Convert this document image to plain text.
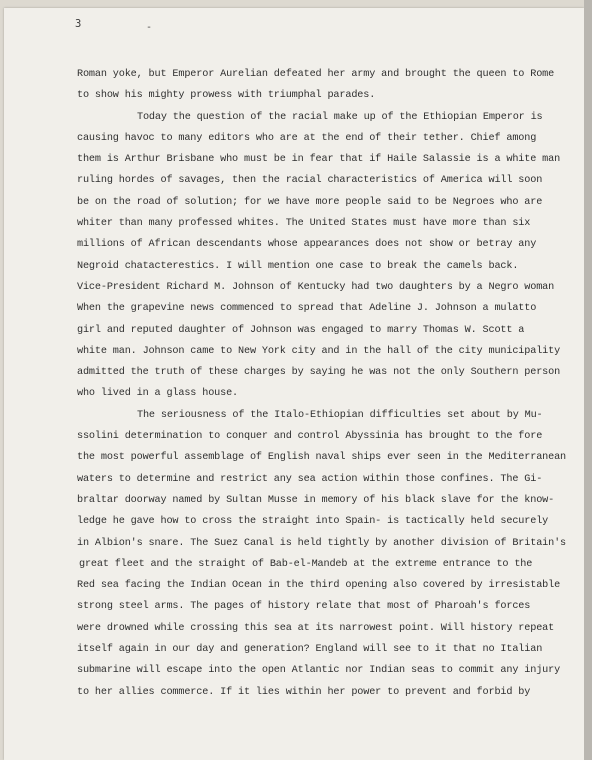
3	-
Roman yoke, but Emperor Aurelian defeated her army and brought the queen to Rome
to show his mighty prowess with triumphal parades.
Today the question of the racial make up of the Ethiopian Emperor is
causing havoc to many editors who are at the end of their tether. Chief among
them is Arthur Brisbane who must be in fear that if Haile Salassie is a white man
ruling hordes of savages, then the racial characteristics of America will soon
be on the road of solution; for we have more people said to be Negroes who are
whiter than many professed whites. The United States must have more than six
millions of African descendants whose appearances does not show or betray any
Negroid chatacterestics. I will mention one case to break the camels back.
Vice-President Richard M. Johnson of Kentucky had two daughters by a Negro woman
When the grapevine news commenced to spread that Adeline J. Johnson a mulatto
girl and reputed daughter of Johnson was engaged to marry Thomas W. Scott a
white man. Johnson came to New York city and in the hall of the city municipality
admitted the truth of these charges by saying he was not the only Southern person
who lived in a glass house.
The seriousness of the Italo-Ethiopian difficulties set about by Mu-
ssolini determination to conquer and control Abyssinia has brought to the fore
the most powerful assemblage of English naval ships ever seen in the Mediterranean
waters to determine and restrict any sea action within those confines. The Gi-
braltar doorway named by Sultan Musse in memory of his black slave for the know-
ledge he gave how to cross the straight into Spain- is tactically held securely
in Albion's snare. The Suez Canal is held tightly by another division of Britain's
great fleet and the straight of Bab-el-Mandeb at the extreme entrance to the
Red sea facing the Indian Ocean in the third opening also covered by irresistable
strong steel arms. The pages of history relate that most of Pharoah's forces
were drowned while crossing this sea at its narrowest point. Will history repeat
itself again in our day and generation? England will see to it that no Italian
submarine will escape into the open Atlantic nor Indian seas to commit any injury
to her allies commerce. If it lies within her power to prevent and forbid by
